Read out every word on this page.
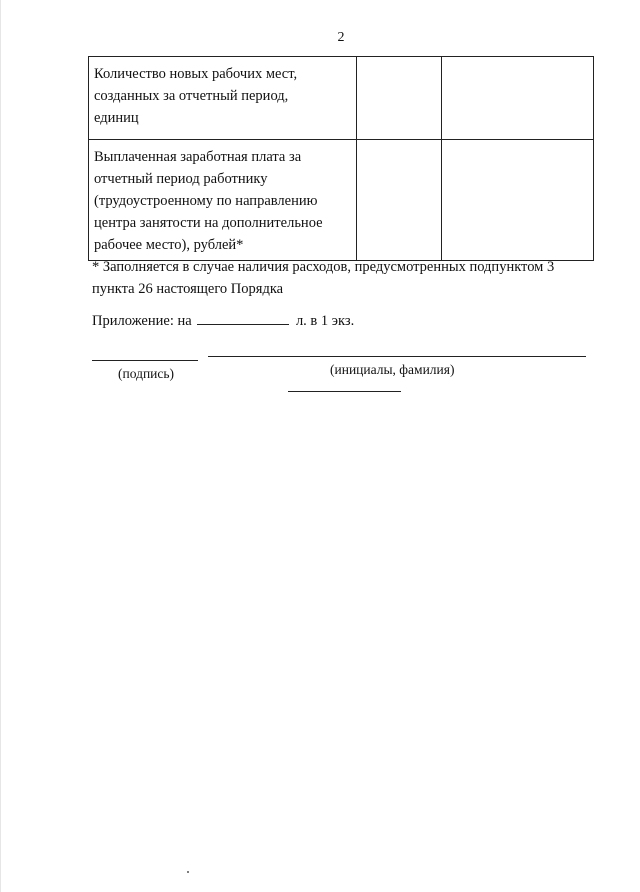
2
Количество новых рабочих мест,
созданных за отчетный период,
единиц		

Выплаченная заработная плата за
отчетный период работнику
(трудоустроенному по направлению
центра занятости на дополнительное
рабочее место), рублей*		

* Заполняется в случае наличия расходов, предусмотренных подпунктом 3
пункта 26 настоящего Порядка
Приложение: на	л. в 1 экз.
(подпись)	(инициалы, фамилия)
